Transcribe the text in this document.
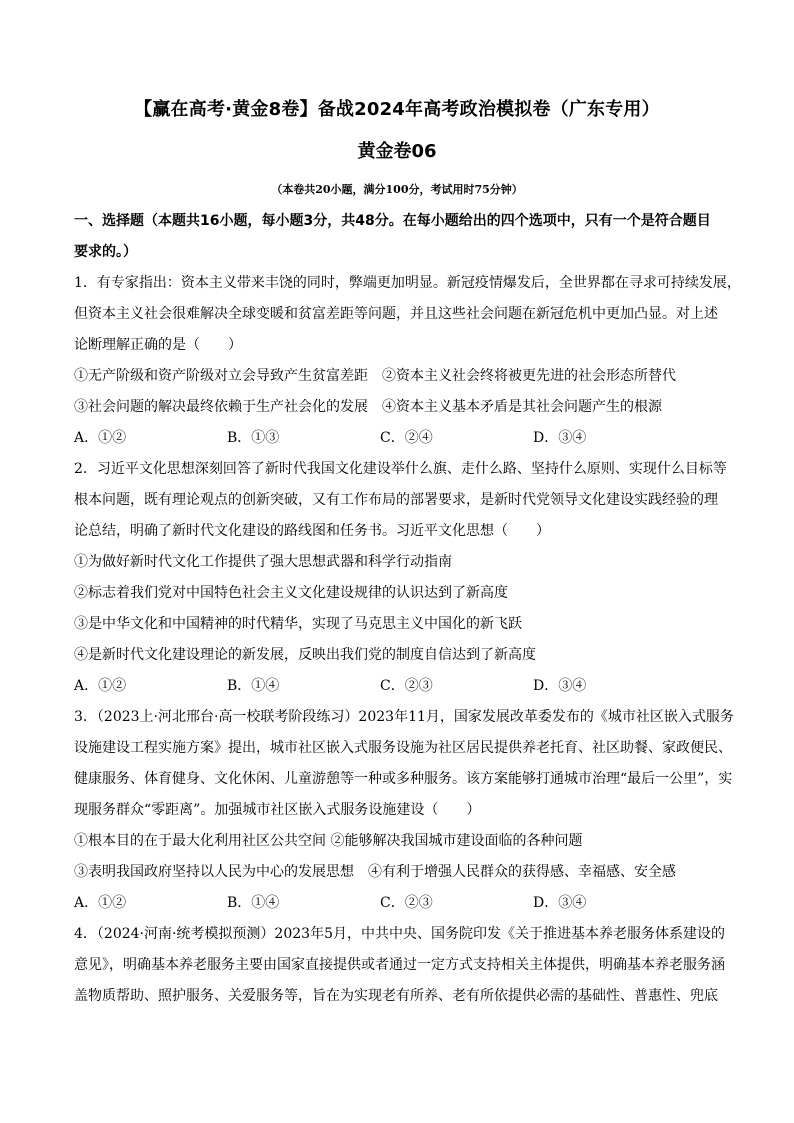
【赢在高考·黄金8卷】备战2024年高考政治模拟卷（广东专用）
黄金卷06
（本卷共20小题，满分100分，考试用时75分钟）
一、选择题（本题共16小题，每小题3分，共48分。在每小题给出的四个选项中，只有一个是符合题目
要求的。）
1．有专家指出：资本主义带来丰饶的同时，弊端更加明显。新冠疫情爆发后，全世界都在寻求可持续发展，
但资本主义社会很难解决全球变暖和贫富差距等问题，并且这些社会问题在新冠危机中更加凸显。对上述
论断理解正确的是（　　）
①无产阶级和资产阶级对立会导致产生贫富差距　②资本主义社会终将被更先进的社会形态所替代
③社会问题的解决最终依赖于生产社会化的发展　④资本主义基本矛盾是其社会问题产生的根源
A．①②	B．①③	C．②④	D．③④
2．习近平文化思想深刻回答了新时代我国文化建设举什么旗、走什么路、坚持什么原则、实现什么目标等
根本问题，既有理论观点的创新突破，又有工作布局的部署要求，是新时代党领导文化建设实践经验的理
论总结，明确了新时代文化建设的路线图和任务书。习近平文化思想（　　）
①为做好新时代文化工作提供了强大思想武器和科学行动指南
②标志着我们党对中国特色社会主义文化建设规律的认识达到了新高度
③是中华文化和中国精神的时代精华，实现了马克思主义中国化的新飞跃
④是新时代文化建设理论的新发展，反映出我们党的制度自信达到了新高度
A．①②	B．①④	C．②③	D．③④
3．（2023上·河北邢台·高一校联考阶段练习）2023年11月，国家发展改革委发布的《城市社区嵌入式服务
设施建设工程实施方案》提出，城市社区嵌入式服务设施为社区居民提供养老托育、社区助餐、家政便民、
健康服务、体育健身、文化休闲、儿童游憩等一种或多种服务。该方案能够打通城市治理“最后一公里”，实
现服务群众“零距离”。加强城市社区嵌入式服务设施建设（　　）
①根本目的在于最大化利用社区公共空间 ②能够解决我国城市建设面临的各种问题
③表明我国政府坚持以人民为中心的发展思想　④有利于增强人民群众的获得感、幸福感、安全感
A．①②	B．①④	C．②③	D．③④
4．（2024·河南·统考模拟预测）2023年5月，中共中央、国务院印发《关于推进基本养老服务体系建设的
意见》，明确基本养老服务主要由国家直接提供或者通过一定方式支持相关主体提供，明确基本养老服务涵
盖物质帮助、照护服务、关爱服务等，旨在为实现老有所养、老有所依提供必需的基础性、普惠性、兜底
